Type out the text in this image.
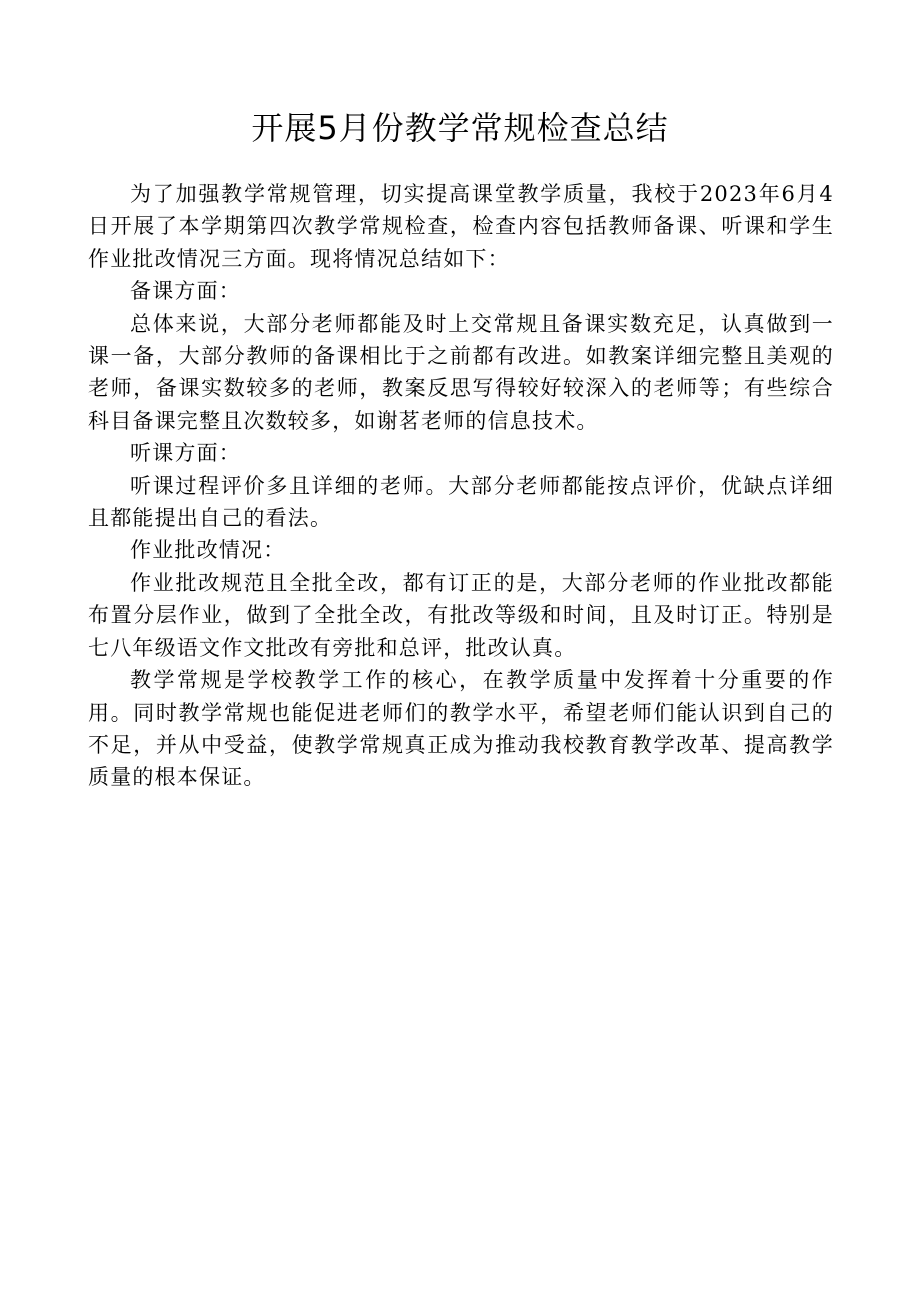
开展5月份教学常规检查总结

为了加强教学常规管理，切实提高课堂教学质量，我校于2023年6月4日开展了本学期第四次教学常规检查，检查内容包括教师备课、听课和学生作业批改情况三方面。现将情况总结如下：

备课方面：

总体来说，大部分老师都能及时上交常规且备课实数充足，认真做到一课一备，大部分教师的备课相比于之前都有改进。如教案详细完整且美观的老师，备课实数较多的老师，教案反思写得较好较深入的老师等；有些综合科目备课完整且次数较多，如谢茗老师的信息技术。

听课方面：

听课过程评价多且详细的老师。大部分老师都能按点评价，优缺点详细且都能提出自己的看法。

作业批改情况：

作业批改规范且全批全改，都有订正的是，大部分老师的作业批改都能布置分层作业，做到了全批全改，有批改等级和时间，且及时订正。特别是七八年级语文作文批改有旁批和总评，批改认真。

教学常规是学校教学工作的核心，在教学质量中发挥着十分重要的作用。同时教学常规也能促进老师们的教学水平，希望老师们能认识到自己的不足，并从中受益，使教学常规真正成为推动我校教育教学改革、提高教学质量的根本保证。
